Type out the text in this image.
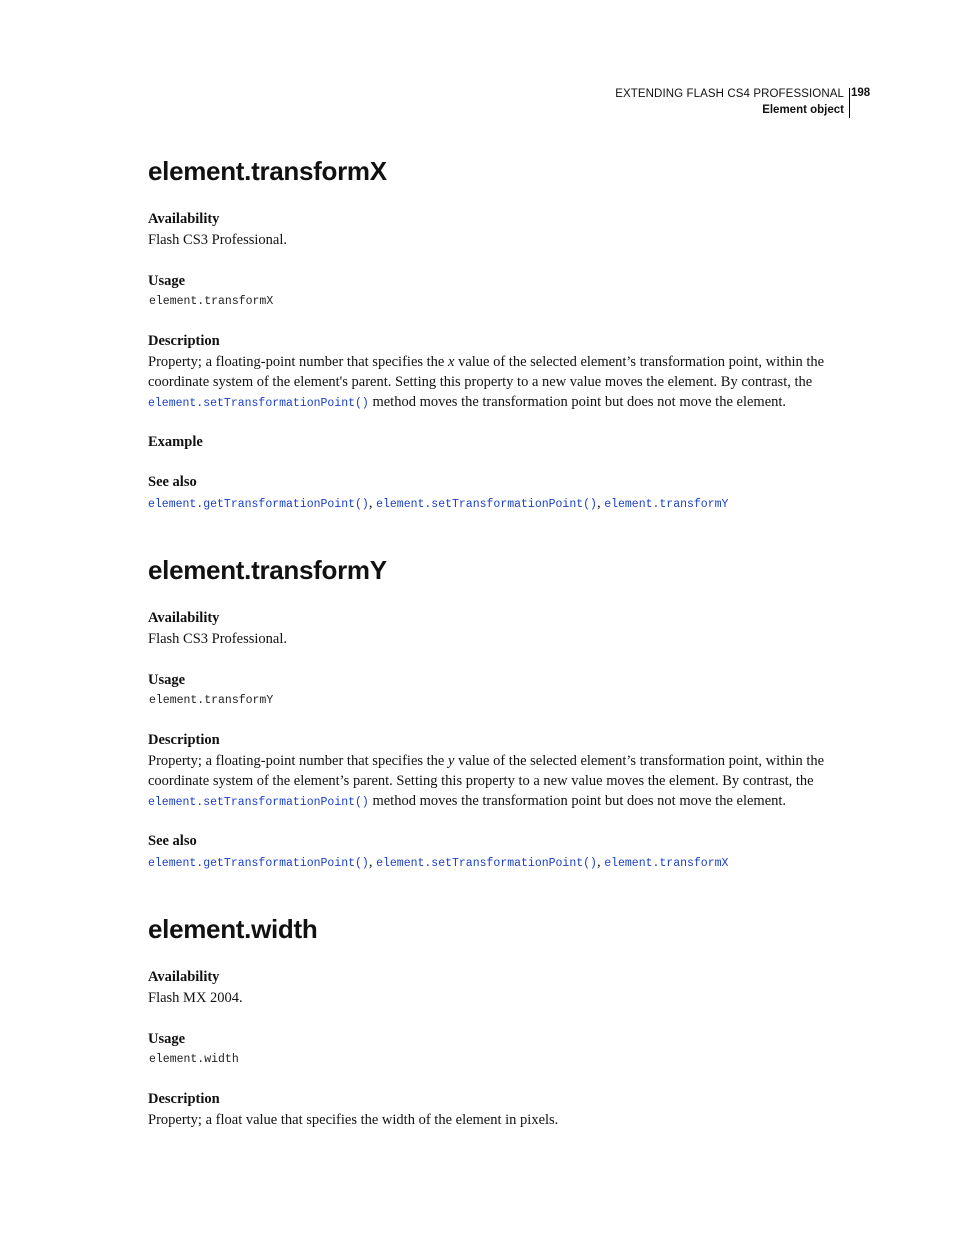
EXTENDING FLASH CS4 PROFESSIONAL
Element object
198
element.transformX
Availability
Flash CS3 Professional.
Usage
element.transformX
Description
Property; a floating-point number that specifies the x value of the selected element’s transformation point, within the coordinate system of the element's parent. Setting this property to a new value moves the element. By contrast, the element.setTransformationPoint() method moves the transformation point but does not move the element.
Example
See also
element.getTransformationPoint(), element.setTransformationPoint(), element.transformY
element.transformY
Availability
Flash CS3 Professional.
Usage
element.transformY
Description
Property; a floating-point number that specifies the y value of the selected element’s transformation point, within the coordinate system of the element’s parent. Setting this property to a new value moves the element. By contrast, the element.setTransformationPoint() method moves the transformation point but does not move the element.
See also
element.getTransformationPoint(), element.setTransformationPoint(), element.transformX
element.width
Availability
Flash MX 2004.
Usage
element.width
Description
Property; a float value that specifies the width of the element in pixels.
